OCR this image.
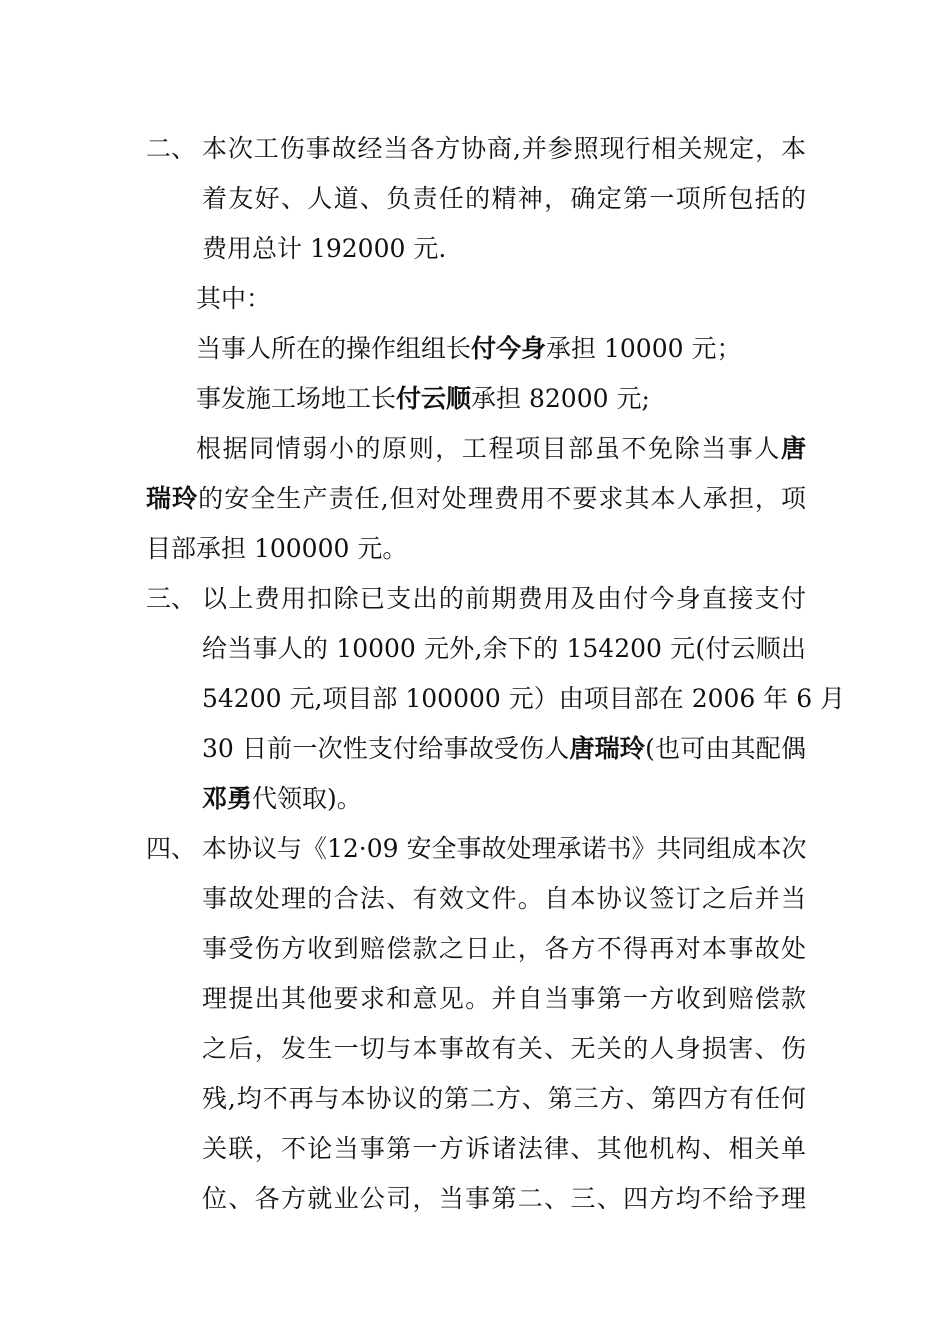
二、 本次工伤事故经当各方协商,并参照现行相关规定，本
着友好、人道、负责任的精神，确定第一项所包括的
费用总计 192000 元.
其中：
当事人所在的操作组组长付今身承担 10000 元；
事发施工场地工长付云顺承担 82000 元;
根据同情弱小的原则，工程项目部虽不免除当事人唐
瑞玲的安全生产责任,但对处理费用不要求其本人承担，项
目部承担 100000 元。
三、 以上费用扣除已支出的前期费用及由付今身直接支付
给当事人的 10000 元外,余下的 154200 元(付云顺出
54200 元,项目部 100000 元）由项目部在 2006 年 6 月
30 日前一次性支付给事故受伤人唐瑞玲(也可由其配偶
邓勇代领取)。
四、 本协议与《12·09 安全事故处理承诺书》共同组成本次
事故处理的合法、有效文件。自本协议签订之后并当
事受伤方收到赔偿款之日止，各方不得再对本事故处
理提出其他要求和意见。并自当事第一方收到赔偿款
之后，发生一切与本事故有关、无关的人身损害、伤
残,均不再与本协议的第二方、第三方、第四方有任何
关联，不论当事第一方诉诸法律、其他机构、相关单
位、各方就业公司，当事第二、三、四方均不给予理
